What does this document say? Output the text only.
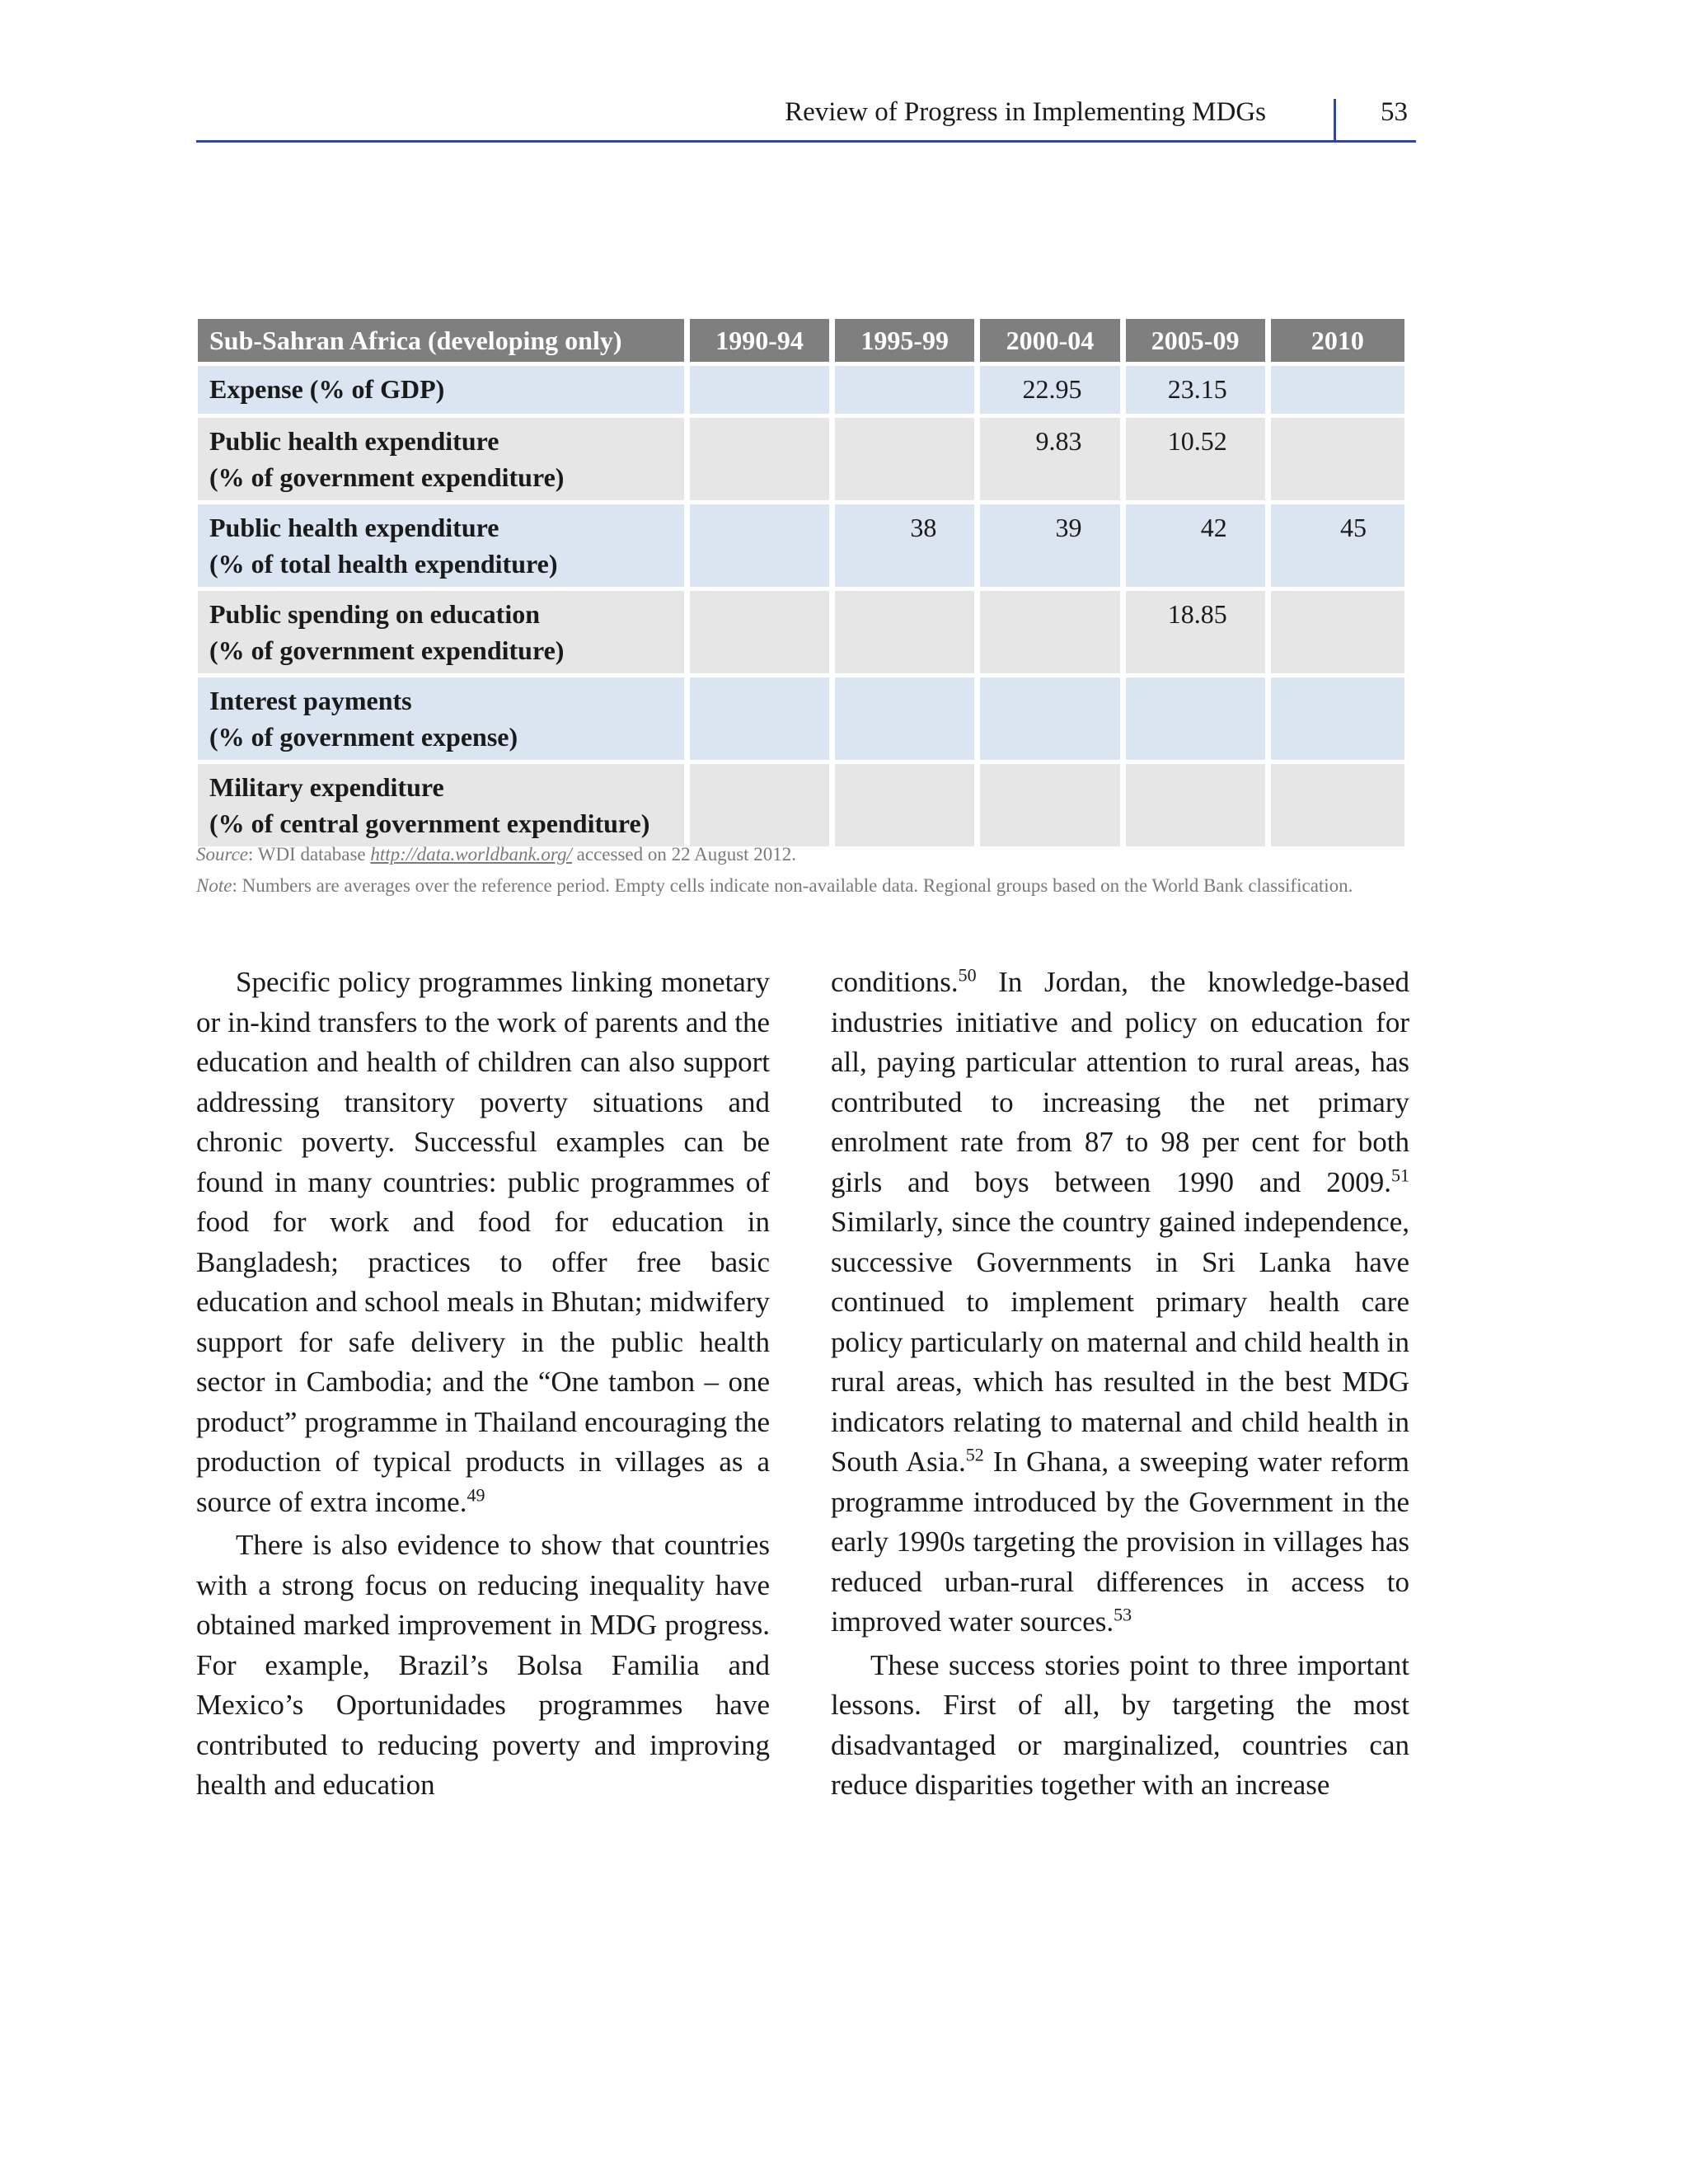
Review of Progress in Implementing MDGs	53
Sub-Sahran Africa (developing only)	1990-94	1995-99	2000-04	2005-09	2010
Expense (% of GDP)			22.95	23.15	
Public health expenditure
(% of government expenditure)			9.83	10.52	
Public health expenditure
(% of total health expenditure)		38	39	42	45
Public spending on education
(% of government expenditure)				18.85	
Interest payments
(% of government expense)					
Military expenditure
(% of central government expenditure)					
Source: WDI database http://data.worldbank.org/ accessed on 22 August 2012.
Note: Numbers are averages over the reference period. Empty cells indicate non-available data. Regional groups based on the World Bank classification.

Specific policy programmes linking monetary or in-kind transfers to the work of parents and the education and health of children can also support addressing transitory poverty situations and chronic poverty. Successful examples can be found in many countries: public programmes of food for work and food for education in Bangladesh; practices to offer free basic education and school meals in Bhutan; midwifery support for safe delivery in the public health sector in Cambodia; and the “One tambon – one product” programme in Thailand encouraging the production of typical products in villages as a source of extra income.$^{49}$

There is also evidence to show that countries with a strong focus on reducing inequality have obtained marked improvement in MDG progress. For example, Brazil’s Bolsa Familia and Mexico’s Oportunidades programmes have contributed to reducing poverty and improving health and education

conditions.$^{50}$ In Jordan, the knowledge-based industries initiative and policy on education for all, paying particular attention to rural areas, has contributed to increasing the net primary enrolment rate from 87 to 98 per cent for both girls and boys between 1990 and 2009.51 Similarly, since the country gained independence, successive Governments in Sri Lanka have continued to implement primary health care policy particularly on maternal and child health in rural areas, which has resulted in the best MDG indicators relating to maternal and child health in South Asia.$^{52}$ In Ghana, a sweeping water reform programme introduced by the Government in the early 1990s targeting the provision in villages has reduced urban-rural differences in access to improved water sources.$^{53}$

These success stories point to three important lessons. First of all, by targeting the most disadvantaged or marginalized, countries can reduce disparities together with an increase
